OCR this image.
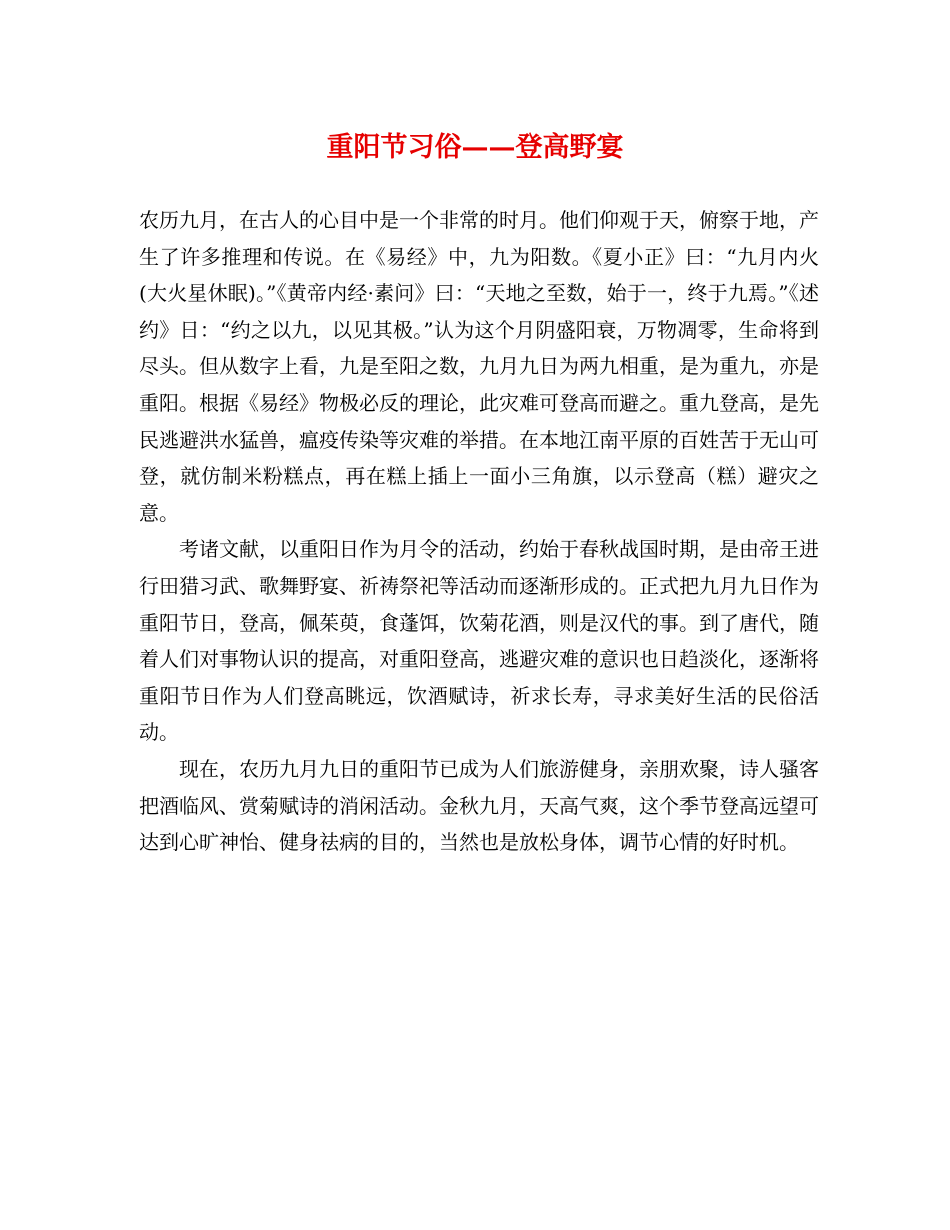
重阳节习俗——登高野宴

农历九月，在古人的心目中是一个非常的时月。他们仰观于天，俯察于地，产生了许多推理和传说。在《易经》中，九为阳数。《夏小正》曰：“九月内火(大火星休眠)。”《黄帝内经·素问》曰：“天地之至数，始于一，终于九焉。”《述约》日：“约之以九，以见其极。”认为这个月阴盛阳衰，万物凋零，生命将到尽头。但从数字上看，九是至阳之数，九月九日为两九相重，是为重九，亦是重阳。根据《易经》物极必反的理论，此灾难可登高而避之。重九登高，是先民逃避洪水猛兽，瘟疫传染等灾难的举措。在本地江南平原的百姓苦于无山可登，就仿制米粉糕点，再在糕上插上一面小三角旗，以示登高（糕）避灾之意。

考诸文献，以重阳日作为月令的活动，约始于春秋战国时期，是由帝王进行田猎习武、歌舞野宴、祈祷祭祀等活动而逐渐形成的。正式把九月九日作为重阳节日，登高，佩茱萸，食蓬饵，饮菊花酒，则是汉代的事。到了唐代，随着人们对事物认识的提高，对重阳登高，逃避灾难的意识也日趋淡化，逐渐将重阳节日作为人们登高眺远，饮酒赋诗，祈求长寿，寻求美好生活的民俗活动。

现在，农历九月九日的重阳节已成为人们旅游健身，亲朋欢聚，诗人骚客把酒临风、赏菊赋诗的消闲活动。金秋九月，天高气爽，这个季节登高远望可达到心旷神怡、健身祛病的目的，当然也是放松身体，调节心情的好时机。
